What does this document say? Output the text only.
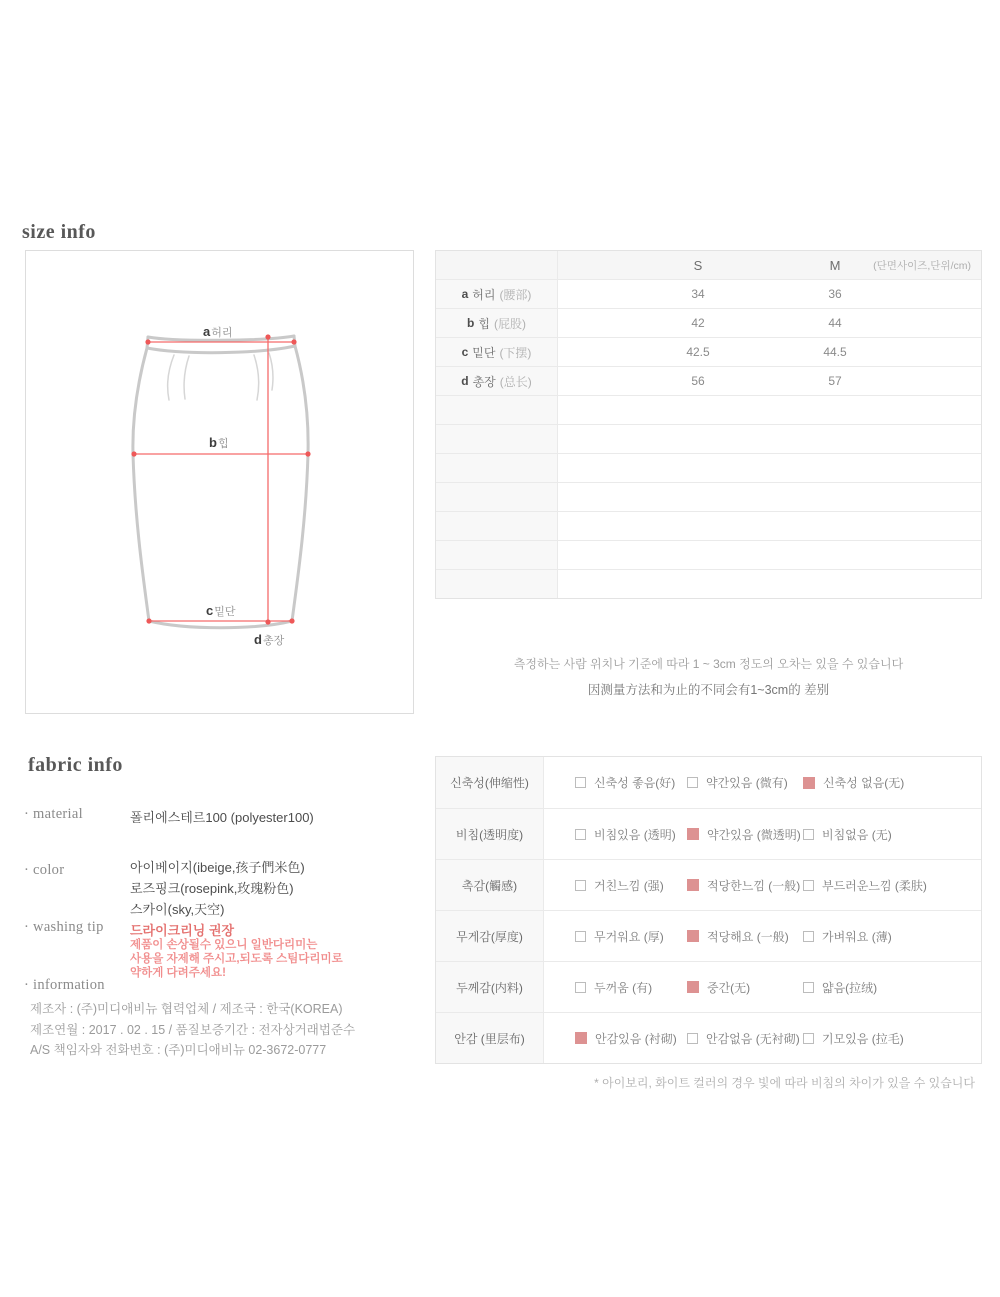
size info
a허리
b힙
c밑단
d총장
S	M	(단면사이즈,단위/cm)
a 허리 (腰部)	34	36
b 힙 (屁股)	42	44
c 밑단 (下摆)	42.5	44.5
d 총장 (总长)	56	57
측정하는 사람 위치나 기준에 따라 1 ~ 3cm 정도의 오차는 있을 수 있습니다
因测量方法和为止的不同会有1~3cm的 差别
fabric info
· material	폴리에스테르100 (polyester100)
· color	아이베이지(ibeige,孩子們米色)
로즈핑크(rosepink,玫瑰粉色)
스카이(sky,天空)
· washing tip 드라이크리닝 권장
제품이 손상될수 있으니 일반다리미는
사용을 자제해 주시고,되도록 스팀다리미로
약하게 다려주세요!
· information
제조자 : (주)미디애비뉴 협력업체 / 제조국 : 한국(KOREA)
제조연월 : 2017 . 02 . 15 / 품질보증기간 : 전자상거래법준수
A/S 책임자와 전화번호 : (주)미디애비뉴 02-3672-0777
신축성(伸缩性)	신축성 좋음(好)	약간있음 (微有)	신축성 없음(无)
비침(透明度)	비침있음 (透明)	약간있음 (微透明) 비침없음 (无)
촉감(觸感)	거친느낌 (强)	적당한느낌 (一般) 부드러운느낌 (柔肤)
무게감(厚度)	무거워요 (厚)	적당해요 (一般)	가벼워요 (薄)
두께감(内料)	두꺼움 (有)	중간(无)	얇음(拉绒)
안감 (里层布)	안감있음 (衬砌) 안감없음 (无衬砌) 기모있음 (拉毛)
* 아이보리, 화이트 컬러의 경우 빛에 따라 비침의 차이가 있을 수 있습니다
